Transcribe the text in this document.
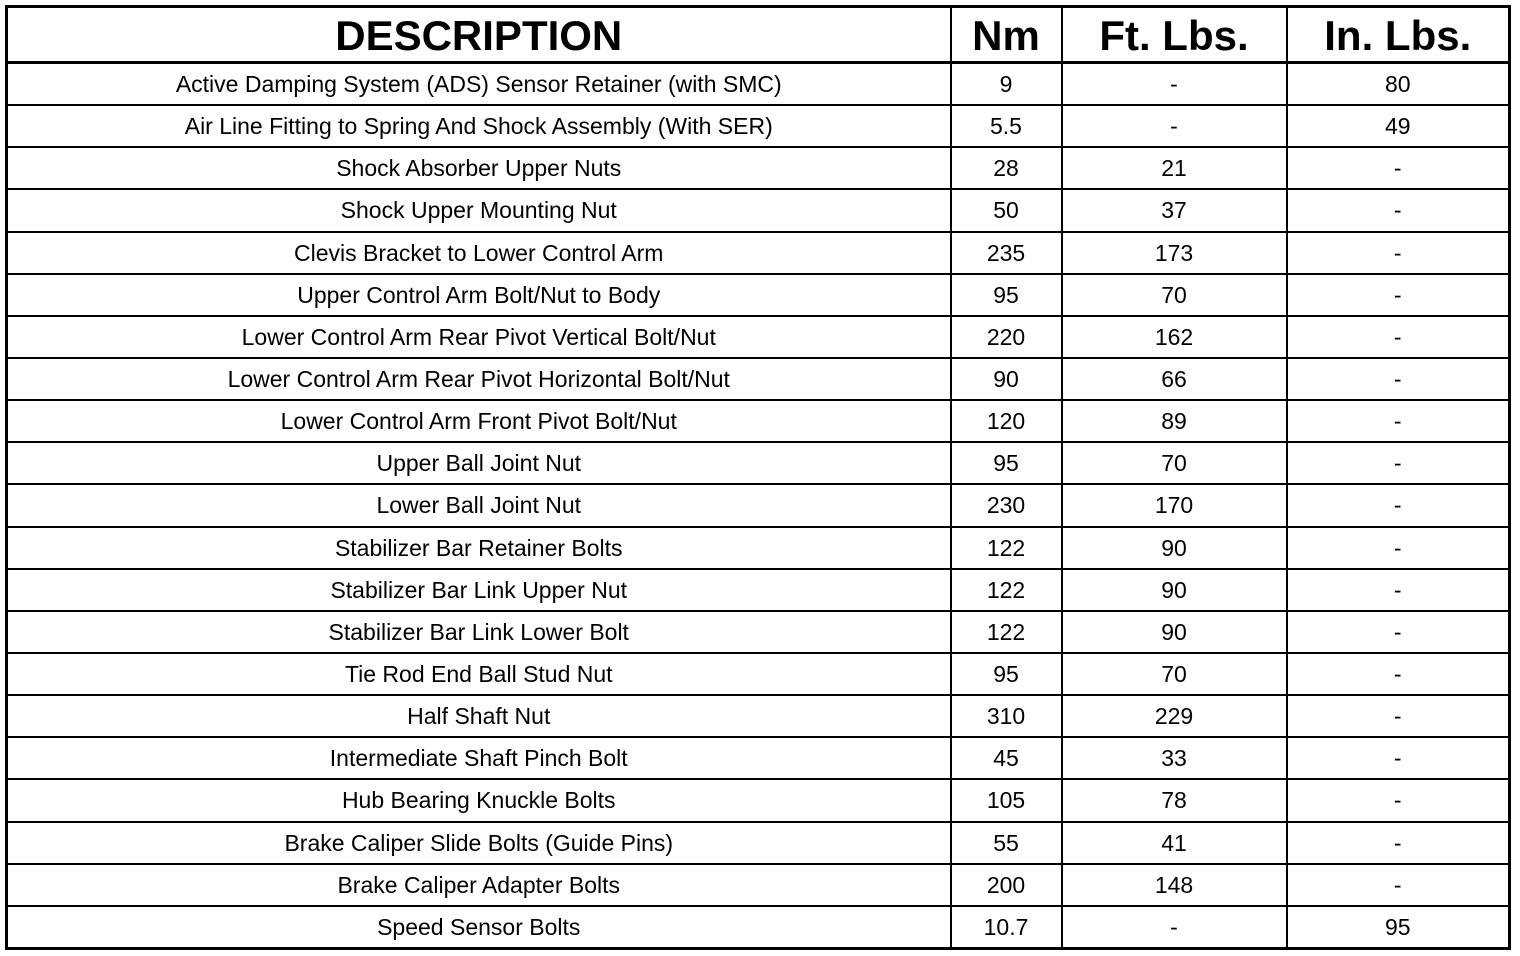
DESCRIPTION	Nm	Ft. Lbs.	In. Lbs.
Active Damping System (ADS) Sensor Retainer (with SMC)	9	-	80
Air Line Fitting to Spring And Shock Assembly (With SER)	5.5	-	49
Shock Absorber Upper Nuts	28	21	-
Shock Upper Mounting Nut	50	37	-
Clevis Bracket to Lower Control Arm	235	173	-
Upper Control Arm Bolt/Nut to Body	95	70	-
Lower Control Arm Rear Pivot Vertical Bolt/Nut	220	162	-
Lower Control Arm Rear Pivot Horizontal Bolt/Nut	90	66	-
Lower Control Arm Front Pivot Bolt/Nut	120	89	-
Upper Ball Joint Nut	95	70	-
Lower Ball Joint Nut	230	170	-
Stabilizer Bar Retainer Bolts	122	90	-
Stabilizer Bar Link Upper Nut	122	90	-
Stabilizer Bar Link Lower Bolt	122	90	-
Tie Rod End Ball Stud Nut	95	70	-
Half Shaft Nut	310	229	-
Intermediate Shaft Pinch Bolt	45	33	-
Hub Bearing Knuckle Bolts	105	78	-
Brake Caliper Slide Bolts (Guide Pins)	55	41	-
Brake Caliper Adapter Bolts	200	148	-
Speed Sensor Bolts	10.7	-	95
